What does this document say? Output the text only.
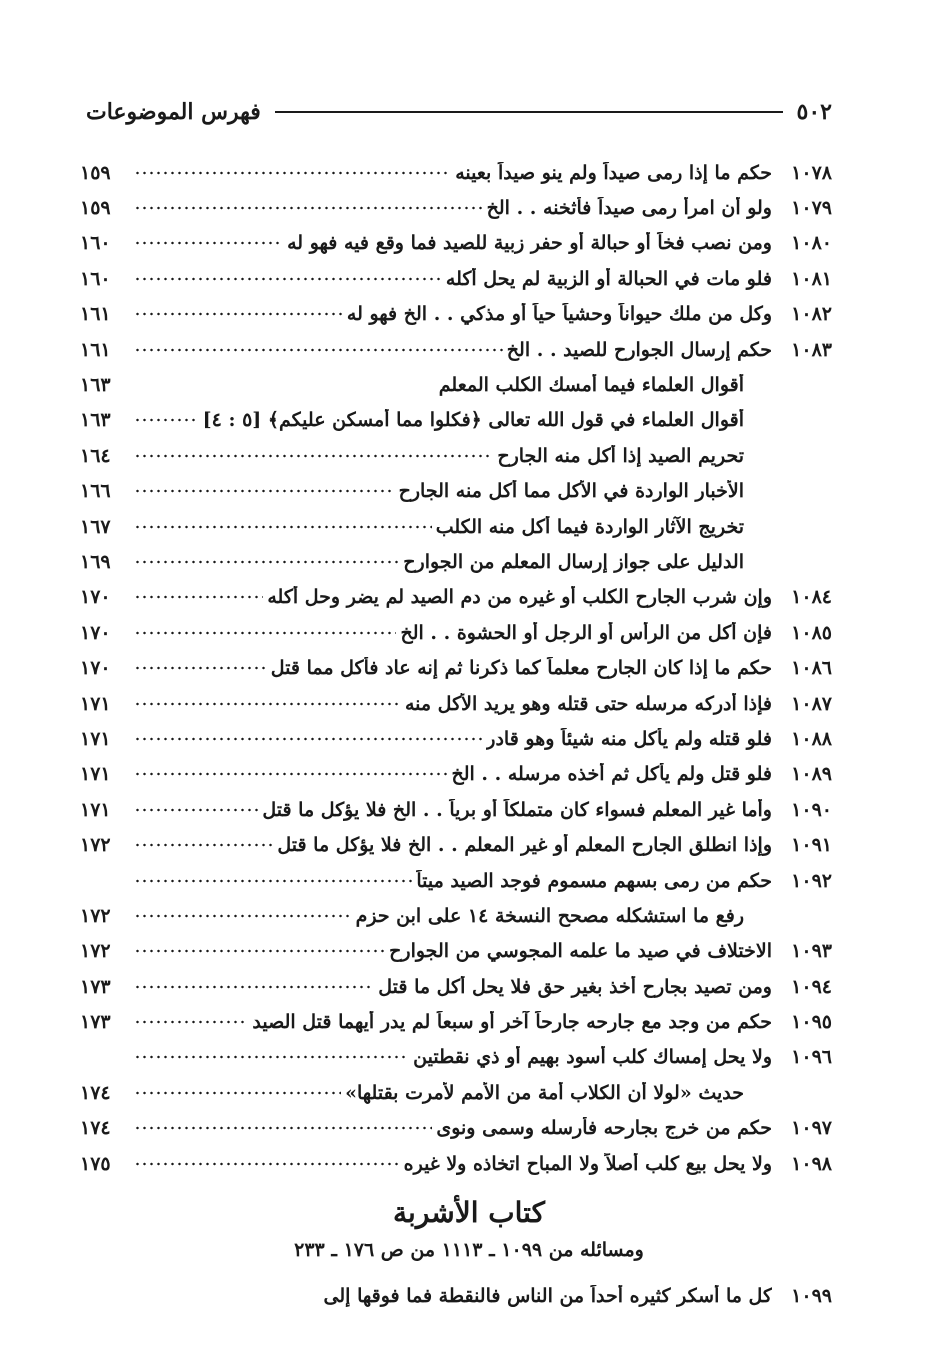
٥٠٢
فهرس الموضوعات
١٠٧٨
حكم ما إذا رمى صيداً ولم ينو صيداً بعينه
١٥٩
١٠٧٩
ولو أن امرأ رمى صيداً فأثخنه . . الخ
١٥٩
١٠٨٠
ومن نصب فخاً أو حبالة أو حفر زبية للصيد فما وقع فيه فهو له
١٦٠
١٠٨١
فلو مات في الحبالة أو الزبية لم يحل أكله
١٦٠
١٠٨٢
وكل من ملك حيواناً وحشياً حياً أو مذكي . . الخ فهو له
١٦١
١٠٨٣
حكم إرسال الجوارح للصيد . . الخ
١٦١
أقوال العلماء فيما أمسك الكلب المعلم
١٦٣
أقوال العلماء في قول الله تعالى ﴿فكلوا مما أمسكن عليكم﴾ [٥ : ٤]
١٦٣
تحريم الصيد إذا أكل منه الجارح
١٦٤
الأخبار الواردة في الأكل مما أكل منه الجارح
١٦٦
تخريج الآثار الواردة فيما أكل منه الكلب
١٦٧
الدليل على جواز إرسال المعلم من الجوارح
١٦٩
١٠٨٤
وإن شرب الجارح الكلب أو غيره من دم الصيد لم يضر وحل أكله
١٧٠
١٠٨٥
فإن أكل من الرأس أو الرجل أو الحشوة . . الخ
١٧٠
١٠٨٦
حكم ما إذا كان الجارح معلماً كما ذكرنا ثم إنه عاد فأكل مما قتل
١٧٠
١٠٨٧
فإذا أدركه مرسله حتى قتله وهو يريد الأكل منه
١٧١
١٠٨٨
فلو قتله ولم يأكل منه شيئاً وهو قادر
١٧١
١٠٨٩
فلو قتل ولم يأكل ثم أخذه مرسله . . الخ
١٧١
١٠٩٠
وأما غير المعلم فسواء كان متملكاً أو برياً . . الخ فلا يؤكل ما قتل
١٧١
١٠٩١
وإذا انطلق الجارح المعلم أو غير المعلم . . الخ فلا يؤكل ما قتل
١٧٢
١٠٩٢
حكم من رمى بسهم مسموم فوجد الصيد ميتاً
رفع ما استشكله مصحح النسخة ١٤ على ابن حزم
١٧٢
١٠٩٣
الاختلاف في صيد ما علمه المجوسي من الجوارح
١٧٢
١٠٩٤
ومن تصيد بجارح أخذ بغير حق فلا يحل أكل ما قتل
١٧٣
١٠٩٥
حكم من وجد مع جارحه جارحاً آخر أو سبعاً لم يدر أيهما قتل الصيد
١٧٣
١٠٩٦
ولا يحل إمساك كلب أسود بهيم أو ذي نقطتين
حديث «لولا أن الكلاب أمة من الأمم لأمرت بقتلها»
١٧٤
١٠٩٧
حكم من خرج بجارحه فأرسله وسمى ونوى
١٧٤
١٠٩٨
ولا يحل بيع كلب أصلاً ولا المباح اتخاذه ولا غيره
١٧٥
كتاب الأشربة
ومسائله من ١٠٩٩ ـ ١١١٣ من ص ١٧٦ ـ ٢٣٣
١٠٩٩
كل ما أسكر كثيره أحداً من الناس فالنقطة فما فوقها إلى
